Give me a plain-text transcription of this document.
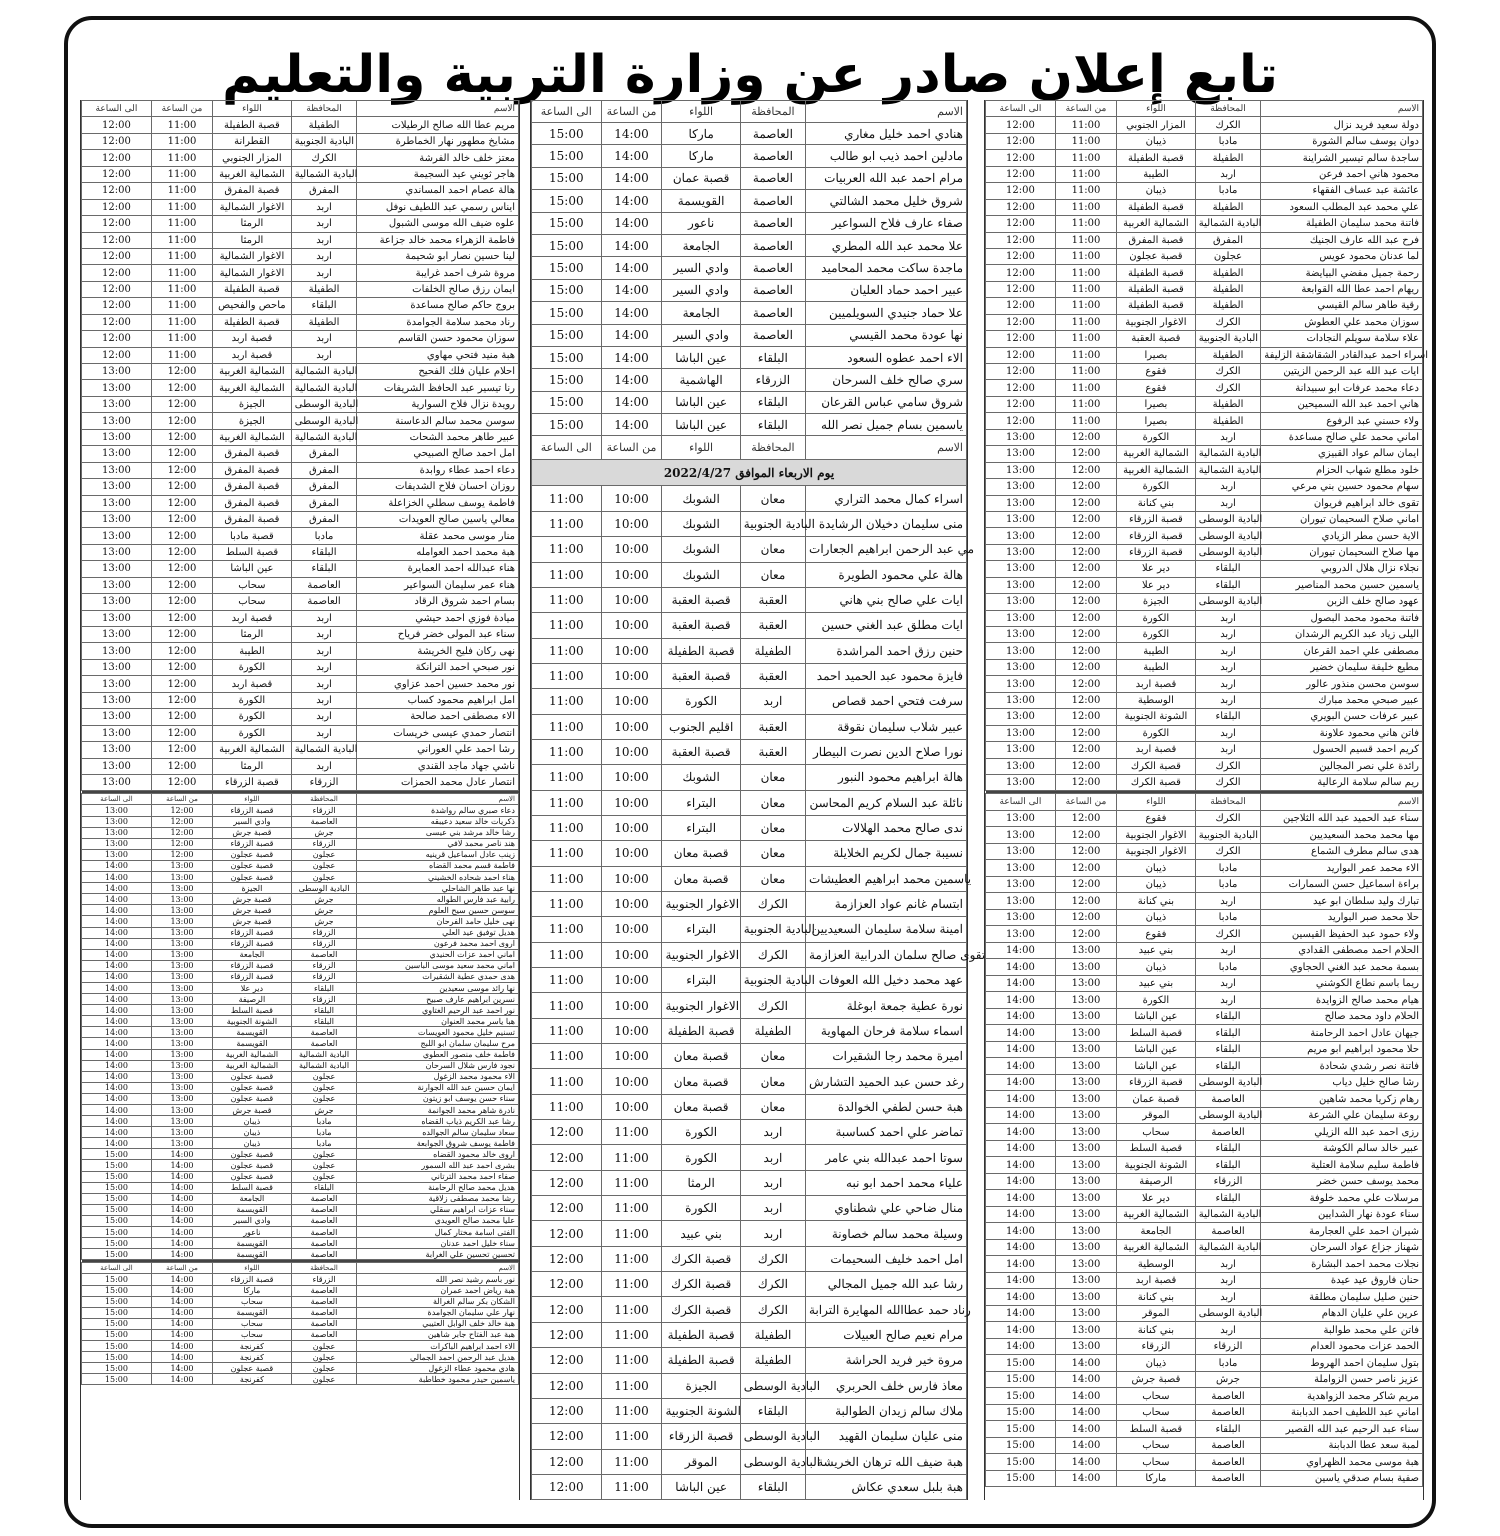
تابع إعلان صادر عن وزارة التربية والتعليم
الى الساعة	من الساعة	اللواء	المحافظة	الاسم
12:00	11:00	قصبة الطفيلة	الطفيلة	مريم عطا الله صالح الرطيلات
12:00	11:00	القطرانة	البادية الجنوبية	مشايخ مطهور نهار الخماطرة
12:00	11:00	المزار الجنوبي	الكرك	معتز خلف خالد الفرشة
12:00	11:00	الشمالية الغربية	البادية الشمالية	هاجر ثويني عيد السجيمة
12:00	11:00	قصبة المفرق	المفرق	هالة عصام احمد المساندي
12:00	11:00	الاغوار الشمالية	اربد	ايناس رسمي عبد اللطيف نوفل
12:00	11:00	الرمثا	اربد	علوه ضيف الله موسى الشبول
12:00	11:00	الرمثا	اربد	فاطمة الزهراء محمد خالد جزاعة
12:00	11:00	الاغوار الشمالية	اربد	لينا حسين نصار ابو شحيمة
12:00	11:00	الاغوار الشمالية	اربد	مروة شرف احمد غرايبة
12:00	11:00	قصبة الطفيلة	الطفيلة	ايمان رزق صالح الخلفات
12:00	11:00	ماحص والفحيص	البلقاء	بروج حاكم صالح مساعدة
12:00	11:00	قصبة الطفيلة	الطفيلة	رناد محمد سلامة الجوامدة
12:00	11:00	قصبة اربد	اربد	سوزان محمود حسن القاسم
12:00	11:00	قصبة اربد	اربد	هبة منيد فتحي مهاوي
13:00	12:00	الشمالية الغربية	البادية الشمالية	احلام عليان فلك الفحيح
13:00	12:00	الشمالية الغربية	البادية الشمالية	رنا تيسير عبد الحافظ الشريفات
13:00	12:00	الجيزة	البادية الوسطى	رويدة نزال فلاح السوارية
13:00	12:00	الجيزة	البادية الوسطى	سوسن محمد سالم الدعاسنة
13:00	12:00	الشمالية الغربية	البادية الشمالية	عبير طاهر محمد الشحات
13:00	12:00	قصبة المفرق	المفرق	امل احمد صالح الصبيحي
13:00	12:00	قصبة المفرق	المفرق	دعاء احمد عطاء روابدة
13:00	12:00	قصبة المفرق	المفرق	روزان احسان فلاح الشديفات
13:00	12:00	قصبة المفرق	المفرق	فاطمة يوسف سطلي الخزاعلة
13:00	12:00	قصبة المفرق	المفرق	معالي ياسين صالح العويدات
13:00	12:00	قصبة مادبا	مادبا	منار موسى محمد عقلة
13:00	12:00	قصبة السلط	البلقاء	هبة محمد احمد العوامله
13:00	12:00	عين الباشا	البلقاء	هناء عبدالله احمد العمايرة
13:00	12:00	سحاب	العاصمة	هناء عمر سليمان السواعير
13:00	12:00	سحاب	العاصمة	بسام احمد شروق الرقاد
13:00	12:00	قصبة اربد	اربد	ميادة فوزي احمد حيشي
13:00	12:00	الرمثا	اربد	سناء عبد المولى خضر فرياح
13:00	12:00	الطيبة	اربد	نهى ركان فليح الخريشة
13:00	12:00	الكورة	اربد	نور صبحي احمد الترانكة
13:00	12:00	قصبة اربد	اربد	نور محمد حسين احمد عزاوي
13:00	12:00	الكورة	اربد	امل ابراهيم محمود كساب
13:00	12:00	الكورة	اربد	الاء مصطفى احمد صالحة
13:00	12:00	الكورة	اربد	انتصار حمدي عيسى خريسات
13:00	12:00	الشمالية الغربية	البادية الشمالية	رشا احمد علي العوراني
13:00	12:00	الرمثا	اربد	ناشي جهاد ماجد القندي
13:00	12:00	قصبة الزرقاء	الزرقاء	انتصار عادل محمد الحمزات

الى الساعة	من الساعة	اللواء	المحافظة	الاسم
13:00	12:00	قصبة الزرقاء	الزرقاء	دعاء صبري سالم رواشدة
13:00	12:00	وادي السير	العاصمة	ذكريات خالد سعيد دعيبقه
13:00	12:00	قصبة جرش	جرش	رشا خالد مرشد بني عيسى
13:00	12:00	قصبة الزرقاء	الزرقاء	هند ناصر محمد لافي
13:00	12:00	قصبة عجلون	عجلون	زينب عادل اسماعيل قرينيه
14:00	13:00	قصبة عجلون	عجلون	فاطمة قسم محمد القضاه
14:00	13:00	قصبة عجلون	عجلون	هناء احمد شحاده الخشيني
14:00	13:00	الجيزة	البادية الوسطى	نها عبد طاهر الشاحلي
14:00	13:00	قصبة جرش	جرش	رابية عبد فارس الطواله
14:00	13:00	قصبة جرش	جرش	سوسن حسين سيح العلوم
14:00	13:00	قصبة جرش	جرش	نهى خليل حامد الفرحان
14:00	13:00	قصبة الزرقاء	الزرقاء	هديل توفيق عيد العلي
14:00	13:00	قصبة الزرقاء	الزرقاء	اروى احمد محمد فرعون
14:00	13:00	الجامعة	العاصمة	اماني احمد عزات الحنيدي
14:00	13:00	قصبة الزرقاء	الزرقاء	اماني محمد سعيد موسى الباسين
14:00	13:00	قصبة الزرقاء	الزرقاء	هدى حمدي عطية الشقيرات
14:00	13:00	دير علا	البلقاء	نها رائد موسى سعيدين
14:00	13:00	الرصيفة	الزرقاء	نسرين ابراهيم عارف صبيح
14:00	13:00	قصبة السلط	البلقاء	نور احمد عبد الرحيم الغتاوي
14:00	13:00	الشونة الجنوبية	البلقاء	هبا ياسر محمد العنوان
14:00	13:00	القويسمة	العاصمة	تسنيم خليل محمود العويسات
14:00	13:00	القويسمة	العاصمة	مرح سليمان سلمان ابو اللبج
14:00	13:00	الشمالية الغربية	البادية الشمالية	فاطمة خلف منصور العطوي
14:00	13:00	الشمالية الغربية	البادية الشمالية	نجود فارس شلال السرحان
14:00	13:00	قصبة عجلون	عجلون	الاء محمود محمد الزغول
14:00	13:00	قصبة عجلون	عجلون	ايمان حسين عبد الله الجوارنة
14:00	13:00	قصبة عجلون	عجلون	سناء حسن يوسف ابو زيتون
14:00	13:00	قصبة جرش	جرش	نادرة شاهر محمد الجوانمة
14:00	13:00	ذيبان	مادبا	رشا عبد الكريم ذياب القضاه
14:00	13:00	ذيبان	مادبا	سعاد سليمان سالم الجوالده
14:00	13:00	ذيبان	مادبا	فاطمة يوسف شروق الجوابعة
15:00	14:00	قصبة عجلون	عجلون	اروى خالد محمود القضاه
15:00	14:00	قصبة عجلون	عجلون	بشرى احمد عبد الله السمور
15:00	14:00	قصبة عجلون	عجلون	صفاء احمد محمد الترتاني
15:00	14:00	قصبة السلط	البلقاء	هديل محمد صالح الرحامنة
15:00	14:00	الجامعة	العاصمة	رشا محمد مصطفى زلاقية
15:00	14:00	القويسمة	العاصمة	سناء عزات ابراهيم سقلي
15:00	14:00	وادي السير	العاصمة	عليا محمد صالح العويدي
15:00	14:00	ناعور	العاصمة	الفتى اسامة مختار كمال
15:00	14:00	القويسمة	العاصمة	سناء خليل احمد عدنان
15:00	14:00	القويسمة	العاصمة	تحسين تحسين علي الغرابة

الى الساعة	من الساعة	اللواء	المحافظة	الاسم
15:00	14:00	قصبة الزرقاء	الزرقاء	نور باسم رشيد نصر الله
15:00	14:00	ماركا	العاصمة	هبة رياض احمد عمران
15:00	14:00	سحاب	العاصمة	الشكان بكر سالم الغرالة
15:00	14:00	القويسمة	العاصمة	نهار علي سليمان الجوامدة
15:00	14:00	سحاب	العاصمة	هبة خالد خلف الوابل العتيبي
15:00	14:00	سحاب	العاصمة	هبة عبد الفتاح جابر شاهين
15:00	14:00	كفرنجة	عجلون	الاء احمد ابراهيم الباكرات
15:00	14:00	كفرنجة	عجلون	هديل عبد الرحمن احمد الجمالي
15:00	14:00	قصبة عجلون	عجلون	هادي محمود عطاء الزغول
15:00	14:00	كفرنجة	عجلون	ياسمين حيدر محمود خطاطبة
الى الساعة	من الساعة	اللواء	المحافظة	الاسم
15:00	14:00	ماركا	العاصمة	هنادي احمد خليل مغاري
15:00	14:00	ماركا	العاصمة	مادلين احمد ذيب ابو طالب
15:00	14:00	قصبة عمان	العاصمة	مرام احمد عبد الله العربيات
15:00	14:00	القويسمة	العاصمة	شروق خليل محمد الشالتي
15:00	14:00	ناعور	العاصمة	صفاء عارف فلاح السواعير
15:00	14:00	الجامعة	العاصمة	علا محمد عبد الله المطري
15:00	14:00	وادي السير	العاصمة	ماجدة ساكت محمد المحاميد
15:00	14:00	وادي السير	العاصمة	عبير احمد حماد العليان
15:00	14:00	الجامعة	العاصمة	علا حماد جنيدي السويلميين
15:00	14:00	وادي السير	العاصمة	نها عودة محمد القيسي
15:00	14:00	عين الباشا	البلقاء	الاء احمد عطوه السعود
15:00	14:00	الهاشمية	الزرقاء	سري صالح خلف السرحان
15:00	14:00	عين الباشا	البلقاء	شروق سامي عباس القرعان
15:00	14:00	عين الباشا	البلقاء	ياسمين بسام جميل نصر الله
الى الساعة	من الساعة	اللواء	المحافظة	الاسم
يوم الاربعاء الموافق 2022/4/27				
11:00	10:00	الشوبك	معان	اسراء كمال محمد التراري
11:00	10:00	الشوبك	البادية الجنوبية	منى سليمان دخيلان الرشايدة
11:00	10:00	الشوبك	معان	مي عبد الرحمن ابراهيم الجعارات
11:00	10:00	الشوبك	معان	هالة علي محمود الطويرة
11:00	10:00	قصبة العقبة	العقبة	ايات علي صالح بني هاني
11:00	10:00	قصبة العقبة	العقبة	ايات مطلق عبد الغني حسين
11:00	10:00	قصبة الطفيلة	الطفيلة	حنين رزق احمد المراشدة
11:00	10:00	قصبة العقبة	العقبة	فايزة محمود عبد الحميد احمد
11:00	10:00	الكورة	اربد	سرفت فتحي احمد قصاص
11:00	10:00	اقليم الجنوب	العقبة	عبير شلاب سليمان نقوقة
11:00	10:00	قصبة العقبة	العقبة	نورا صلاح الدين نصرت البيطار
11:00	10:00	الشوبك	معان	هالة ابراهيم محمود النبور
11:00	10:00	البتراء	معان	نائلة عبد السلام كريم المحاسن
11:00	10:00	البتراء	معان	ندى صالح محمد الهلالات
11:00	10:00	قصبة معان	معان	نسيبة جمال لكريم الخلايلة
11:00	10:00	قصبة معان	معان	ياسمين محمد ابراهيم العطيشات
11:00	10:00	الاغوار الجنوبية	الكرك	ابتسام غانم عواد العزازمة
11:00	10:00	البتراء	البادية الجنوبية	امينة سلامة سليمان السعيديين
11:00	10:00	الاغوار الجنوبية	الكرك	تقوى صالح سلمان الدرابية العزازمة
11:00	10:00	البتراء	البادية الجنوبية	عهد محمد دخيل الله العوفات
11:00	10:00	الاغوار الجنوبية	الكرك	نورة عطية جمعة ابوغلة
11:00	10:00	قصبة الطفيلة	الطفيلة	اسماء سلامة فرحان المهاوية
11:00	10:00	قصبة معان	معان	اميرة محمد رجا الشقيرات
11:00	10:00	قصبة معان	معان	رغد حسن عبد الحميد التشارش
11:00	10:00	قصبة معان	معان	هبة حسن لطفي الخوالدة
12:00	11:00	الكورة	اربد	تماضر علي احمد كساسبة
12:00	11:00	الكورة	اربد	سوتا احمد عبدالله بني عامر
12:00	11:00	الرمثا	اربد	علياء محمد احمد ابو نبه
12:00	11:00	الكورة	اربد	منال ضاحي علي شطناوي
12:00	11:00	بني عبيد	اربد	وسيلة محمد سالم خصاونة
12:00	11:00	قصبة الكرك	الكرك	امل احمد خليف السحيمات
12:00	11:00	قصبة الكرك	الكرك	رشا عبد الله جميل المجالي
12:00	11:00	قصبة الكرك	الكرك	رناد حمد عطاالله المهايرة الترابة
12:00	11:00	قصبة الطفيلة	الطفيلة	مرام نعيم صالح العبيلات
12:00	11:00	قصبة الطفيلة	الطفيلة	مروة خير فريد الحراشة
12:00	11:00	الجيزة	البادية الوسطى	معاذ فارس خلف الحربري
12:00	11:00	الشونة الجنوبية	البلقاء	ملاك سالم زيدان الطوالبة
12:00	11:00	قصبة الزرقاء	البادية الوسطى	منى عليان سليمان القهيد
12:00	11:00	الموقر	البادية الوسطى	هبة ضيف الله ترهان الخريشة
12:00	11:00	عين الباشا	البلقاء	هبة بلبل سعدي عكاش
الى الساعة	من الساعة	اللواء	المحافظة	الاسم
12:00	11:00	المزار الجنوبي	الكرك	دولة سعيد فريد نزال
12:00	11:00	ذيبان	مادبا	دوان يوسف سالم الشورة
12:00	11:00	قصبة الطفيلة	الطفيلة	ساجدة سالم تيسير الشراينة
12:00	11:00	الطيبة	اربد	محمود هاني احمد فرعن
12:00	11:00	ذيبان	مادبا	عائشة عبد عساف الفقهاء
12:00	11:00	قصبة الطفيلة	الطفيلة	علي محمد عبد المطلب السعود
12:00	11:00	الشمالية الغربية	البادية الشمالية	فاتنة محمد سليمان الطفيلة
12:00	11:00	قصبة المفرق	المفرق	فرح عبد الله عارف الجنيك
12:00	11:00	قصبة عجلون	عجلون	لما عدنان محمود عويس
12:00	11:00	قصبة الطفيلة	الطفيلة	رحمة جميل مفضي البيايضة
12:00	11:00	قصبة الطفيلة	الطفيلة	ريهام احمد عطا الله القوابعة
12:00	11:00	قصبة الطفيلة	الطفيلة	رقية طاهر سالم القيسي
12:00	11:00	الاغوار الجنوبية	الكرك	سوزان محمد علي العطوش
12:00	11:00	قصبة العقبة	البادية الجنوبية	علاء سلامة سويلم النجادات
12:00	11:00	بصيرا	الطفيلة	اسراء احمد عبدالقادر الشقاشقة الزليفة
12:00	11:00	فقوع	الكرك	ايات عبد الله عبد الرحمن الزيتين
12:00	11:00	فقوع	الكرك	دعاء محمد عرفات ابو سبيدانة
12:00	11:00	بصيرا	الطفيلة	هاني احمد عبد الله السميحين
12:00	11:00	بصيرا	الطفيلة	ولاء حسني عبد الرفوع
13:00	12:00	الكورة	اربد	اماني محمد علي صالح مساعدة
13:00	12:00	الشمالية الغربية	البادية الشمالية	ايمان سالم عواد القبيزي
13:00	12:00	الشمالية الغربية	البادية الشمالية	خلود مطلع شهاب الحزام
13:00	12:00	الكورة	اربد	سهام محمود حسين بني مرعي
13:00	12:00	بني كنانة	اربد	تقوى خالد ابراهيم فريوان
13:00	12:00	قصبة الزرقاء	البادية الوسطى	اماني صلاح السحيمان تيوران
13:00	12:00	قصبة الزرقاء	البادية الوسطى	الاية حسن مطر الزيادي
13:00	12:00	قصبة الزرقاء	البادية الوسطى	مها صلاح السحيمان تيوران
13:00	12:00	دير علا	البلقاء	نجلاء نزال هلال الدروبي
13:00	12:00	دير علا	البلقاء	ياسمين حسين محمد المناصير
13:00	12:00	الجيزة	البادية الوسطى	عهود صالح خلف الزبن
13:00	12:00	الكورة	اربد	فاتنة محمود محمد البصول
13:00	12:00	الكورة	اربد	اليلى زياد عبد الكريم الرشدان
13:00	12:00	الطيبة	اربد	مصطفى علي احمد القرعان
13:00	12:00	الطيبة	اربد	مطيع خليفة سليمان خضير
13:00	12:00	قصبة اربد	اربد	سوسن محسن منذور عالور
13:00	12:00	الوسطية	اربد	عبير صبحي محمد مبارك
13:00	12:00	الشونة الجنوبية	البلقاء	عبير عرفات حسن البويري
13:00	12:00	الكورة	اربد	فاتن هاني محمود علاونة
13:00	12:00	قصبة اربد	اربد	كريم احمد قسيم الحسول
13:00	12:00	قصبة الكرك	الكرك	رائدة علي نصر المجالين
13:00	12:00	قصبة الكرك	الكرك	ريم سالم سلامة الرعالية

الى الساعة	من الساعة	اللواء	المحافظة	الاسم
13:00	12:00	فقوع	الكرك	سناء عبد الحميد عبد الله الثلاجين
13:00	12:00	الاغوار الجنوبية	البادية الجنوبية	مها محمد محمد السعيديين
13:00	12:00	الاغوار الجنوبية	الكرك	هدى سالم مطرف الشماع
13:00	12:00	ذيبان	مادبا	الاء محمد عمر البواريد
13:00	12:00	ذيبان	مادبا	براءة اسماعيل حسن السمارات
13:00	12:00	بني كنانة	اربد	تبارك وليد سلطان ابو عيد
13:00	12:00	ذيبان	مادبا	حلا محمد صبر البواريد
13:00	12:00	فقوع	الكرك	ولاء حمود عبد الحفيظ القيسين
14:00	13:00	بني عبيد	اربد	الحلام احمد مصطفى القدادي
14:00	13:00	ذيبان	مادبا	بسمة محمد عبد الغني الحجاوي
14:00	13:00	بني عبيد	اربد	ريما باسم نطاع الكوشني
14:00	13:00	الكورة	اربد	هيام محمد صالح الزوايدة
14:00	13:00	عين الباشا	البلقاء	الحلام داود محمد صالح
14:00	13:00	قصبة السلط	البلقاء	جيهان عادل احمد الرحامنة
14:00	13:00	عين الباشا	البلقاء	حلا محمود ابراهيم ابو مريم
14:00	13:00	عين الباشا	البلقاء	فاتنة نصر رشدي شحادة
14:00	13:00	قصبة الزرقاء	البادية الوسطى	رشا صالح خليل دياب
14:00	13:00	قصبة عمان	العاصمة	رهام زكريا محمد شاهين
14:00	13:00	الموقر	البادية الوسطى	روعة سليمان علي الشرعة
14:00	13:00	سحاب	العاصمة	رزى احمد عبد الله الزيلي
14:00	13:00	قصبة السلط	البلقاء	عبير خالد سالم الكوشة
14:00	13:00	الشونة الجنوبية	البلقاء	فاطمة سليم سلامة العتلية
14:00	13:00	الرصيفة	الزرقاء	محمد يوسف حسن خضر
14:00	13:00	دير علا	البلقاء	مرسلات علي محمد خلوفة
14:00	13:00	الشمالية الغربية	البادية الشمالية	سناء عودة نهار الشدايين
14:00	13:00	الجامعة	العاصمة	شيران احمد علي العجارمة
14:00	13:00	الشمالية الغربية	البادية الشمالية	شهناز جزاع عواد السرحان
14:00	13:00	الوسطية	اربد	نجلات محمد احمد البشارة
14:00	13:00	قصبة اربد	اربد	حنان فاروق عيد عيدة
14:00	13:00	بني كنانة	اربد	حنين صليل سليمان مطلقة
14:00	13:00	الموقر	البادية الوسطى	عرين علي عليان الدهام
14:00	13:00	بني كنانة	اربد	فاتن علي محمد طوالبة
14:00	13:00	الزرقاء	الزرقاء	الحمد عزات محمود العدام
15:00	14:00	ذيبان	مادبا	بتول سليمان احمد الهروط
15:00	14:00	قصبة جرش	جرش	عزيز ناصر حسن الزواملة
15:00	14:00	سحاب	العاصمة	مريم شاكر محمد الزواهدية
15:00	14:00	سحاب	العاصمة	اماني عبد اللطيف احمد الدبابنة
15:00	14:00	قصبة السلط	البلقاء	سناء عبد الرحيم عبد الله القصير
15:00	14:00	سحاب	العاصمة	لمبة سعد عطا الدبابنة
15:00	14:00	سحاب	العاصمة	هبة موسى محمد الظهراوي
15:00	14:00	ماركا	العاصمة	صفية بسام صدقي ياسين
